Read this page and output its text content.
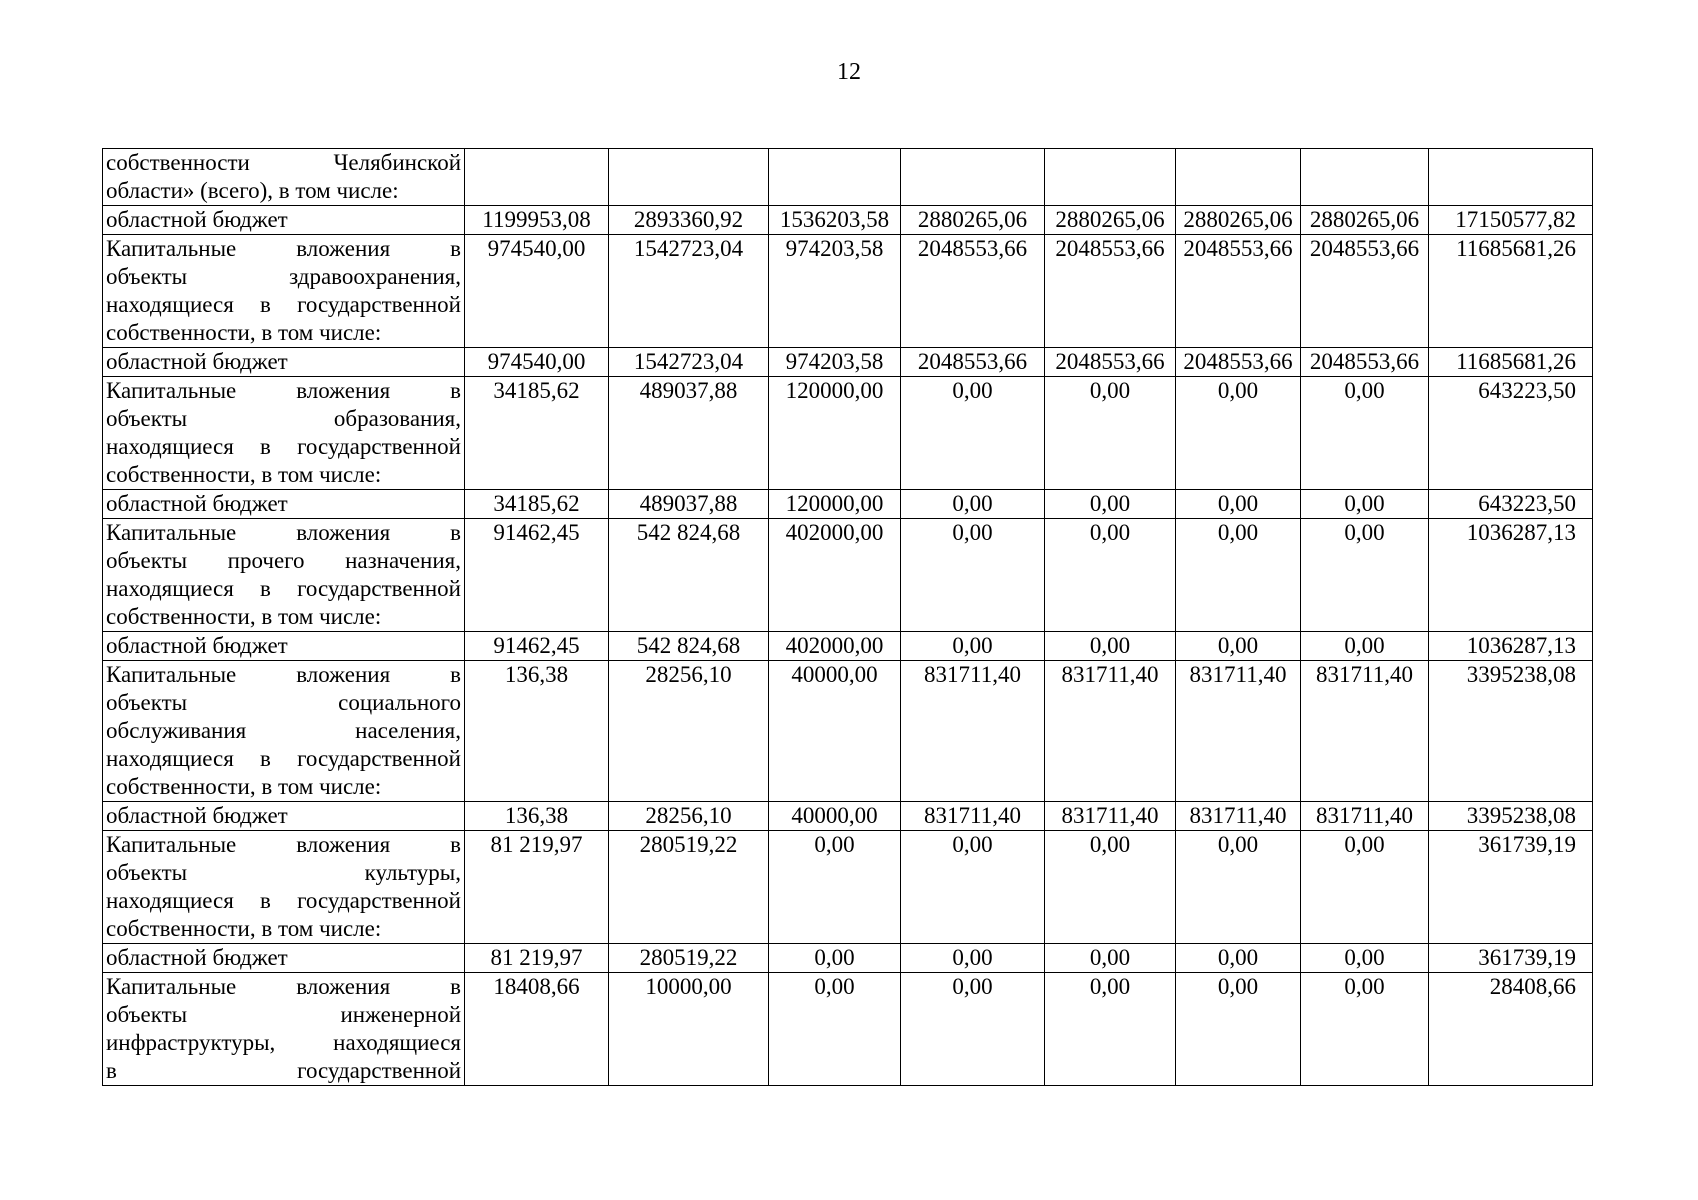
12
собственности Челябинской
области» (всего), в том числе:								

областной бюджет	1199953,08	2893360,92	1536203,58	2880265,06	2880265,06	2880265,06	2880265,06	17150577,82

Капитальные вложения в
объекты здравоохранения,
находящиеся в государственной
собственности, в том числе:	974540,00	1542723,04	974203,58	2048553,66	2048553,66	2048553,66	2048553,66	11685681,26

областной бюджет	974540,00	1542723,04	974203,58	2048553,66	2048553,66	2048553,66	2048553,66	11685681,26

Капитальные вложения в
объекты образования,
находящиеся в государственной
собственности, в том числе:	34185,62	489037,88	120000,00	0,00	0,00	0,00	0,00	643223,50

областной бюджет	34185,62	489037,88	120000,00	0,00	0,00	0,00	0,00	643223,50

Капитальные вложения в
объекты прочего назначения,
находящиеся в государственной
собственности, в том числе:	91462,45	542 824,68	402000,00	0,00	0,00	0,00	0,00	1036287,13

областной бюджет	91462,45	542 824,68	402000,00	0,00	0,00	0,00	0,00	1036287,13

Капитальные вложения в
объекты социального
обслуживания населения,
находящиеся в государственной
собственности, в том числе:	136,38	28256,10	40000,00	831711,40	831711,40	831711,40	831711,40	3395238,08

областной бюджет	136,38	28256,10	40000,00	831711,40	831711,40	831711,40	831711,40	3395238,08

Капитальные вложения в
объекты культуры,
находящиеся в государственной
собственности, в том числе:	81 219,97	280519,22	0,00	0,00	0,00	0,00	0,00	361739,19

областной бюджет	81 219,97	280519,22	0,00	0,00	0,00	0,00	0,00	361739,19

Капитальные вложения в
объекты инженерной
инфраструктуры, находящиеся
в государственной	18408,66	10000,00	0,00	0,00	0,00	0,00	0,00	28408,66
